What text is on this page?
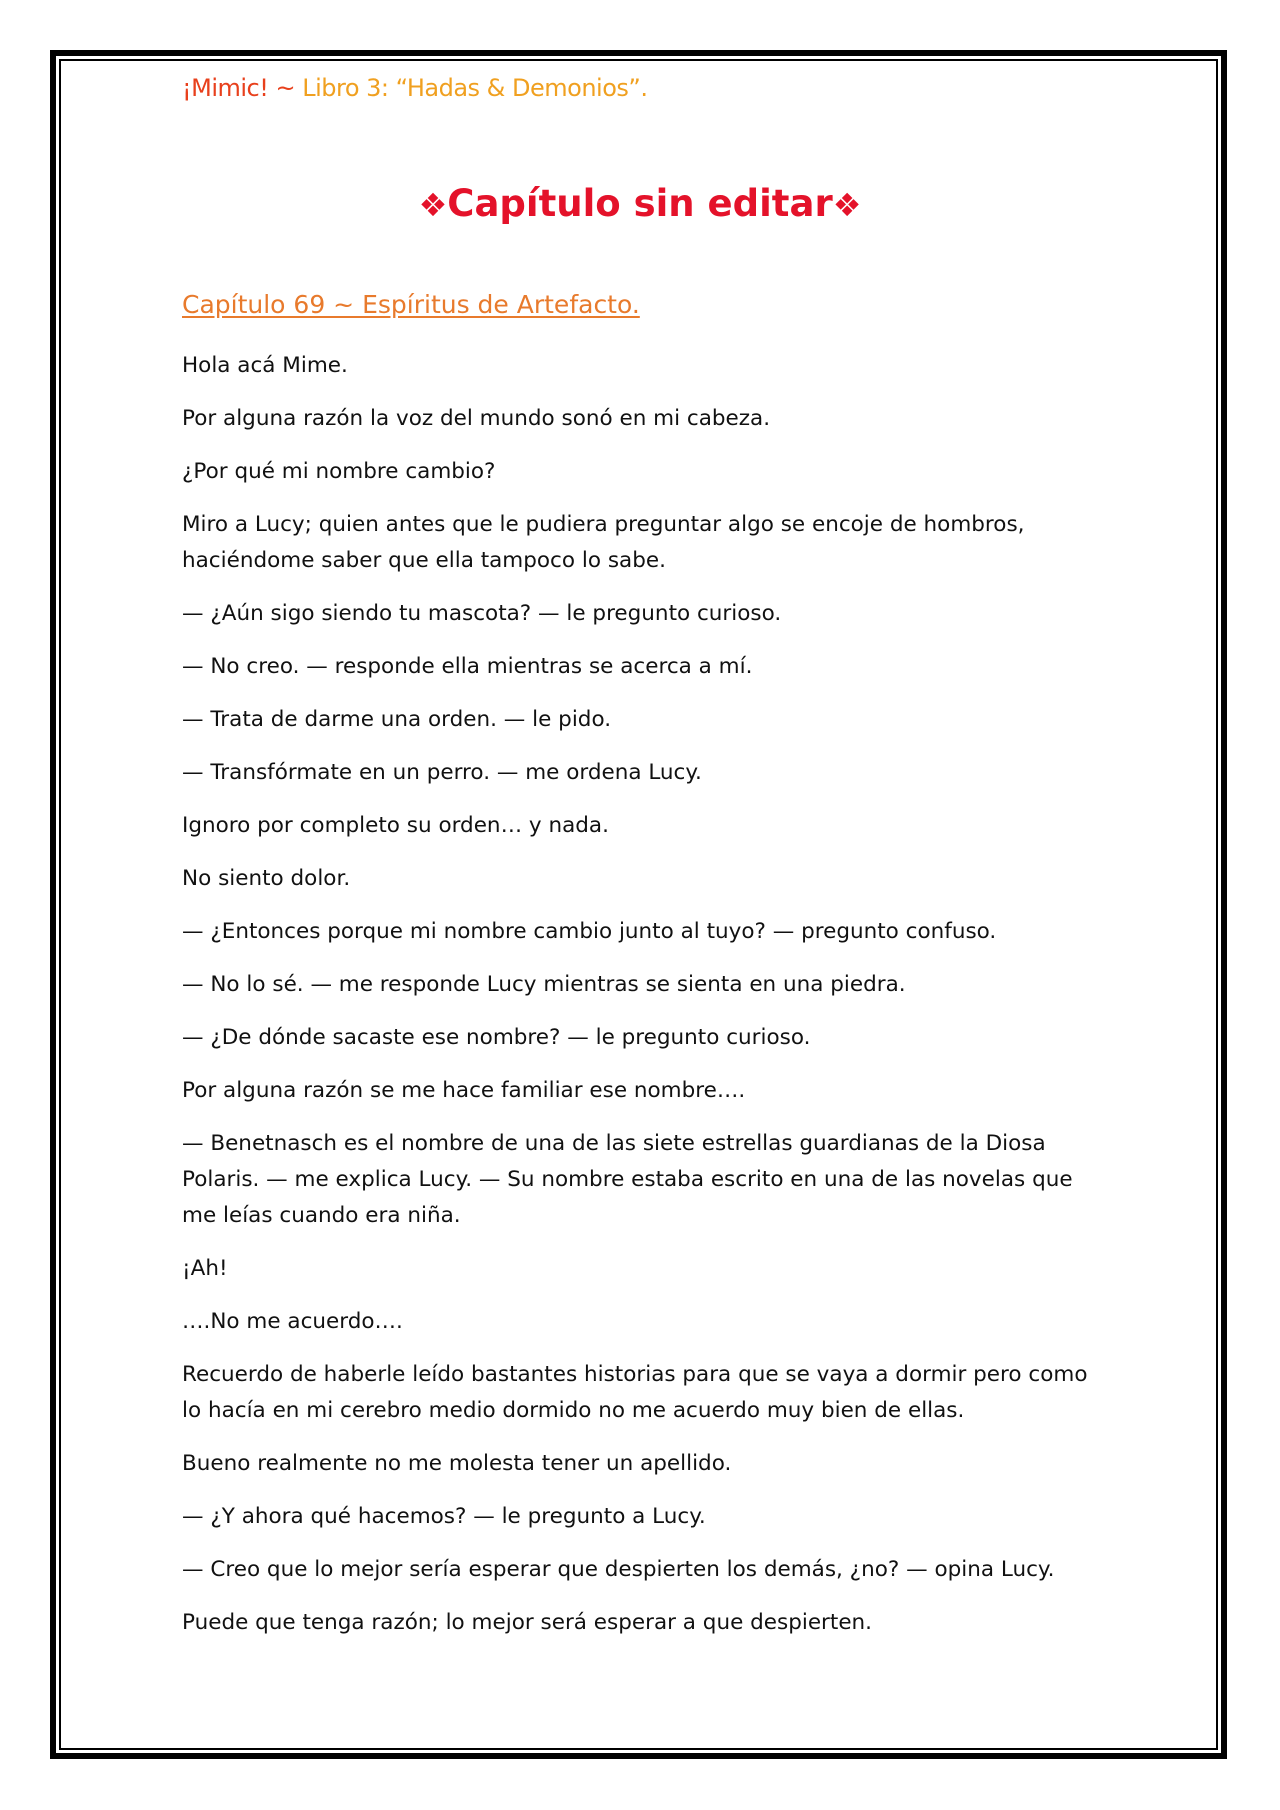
¡Mimic! ~ Libro 3: “Hadas & Demonios”.
❖Capítulo sin editar❖
Capítulo 69 ~ Espíritus de Artefacto.

Hola acá Mime.

Por alguna razón la voz del mundo sonó en mi cabeza.

¿Por qué mi nombre cambio?

Miro a Lucy; quien antes que le pudiera preguntar algo se encoje de hombros, haciéndome saber que ella tampoco lo sabe.

— ¿Aún sigo siendo tu mascota? — le pregunto curioso.

— No creo. — responde ella mientras se acerca a mí.

— Trata de darme una orden. — le pido.

— Transfórmate en un perro. — me ordena Lucy.

Ignoro por completo su orden… y nada.

No siento dolor.

— ¿Entonces porque mi nombre cambio junto al tuyo? — pregunto confuso.

— No lo sé. — me responde Lucy mientras se sienta en una piedra.

— ¿De dónde sacaste ese nombre? — le pregunto curioso.

Por alguna razón se me hace familiar ese nombre….

— Benetnasch es el nombre de una de las siete estrellas guardianas de la Diosa Polaris. — me explica Lucy. — Su nombre estaba escrito en una de las novelas que me leías cuando era niña.

¡Ah!

….No me acuerdo….

Recuerdo de haberle leído bastantes historias para que se vaya a dormir pero como lo hacía en mi cerebro medio dormido no me acuerdo muy bien de ellas.

Bueno realmente no me molesta tener un apellido.

— ¿Y ahora qué hacemos? — le pregunto a Lucy.

— Creo que lo mejor sería esperar que despierten los demás, ¿no? — opina Lucy.

Puede que tenga razón; lo mejor será esperar a que despierten.
